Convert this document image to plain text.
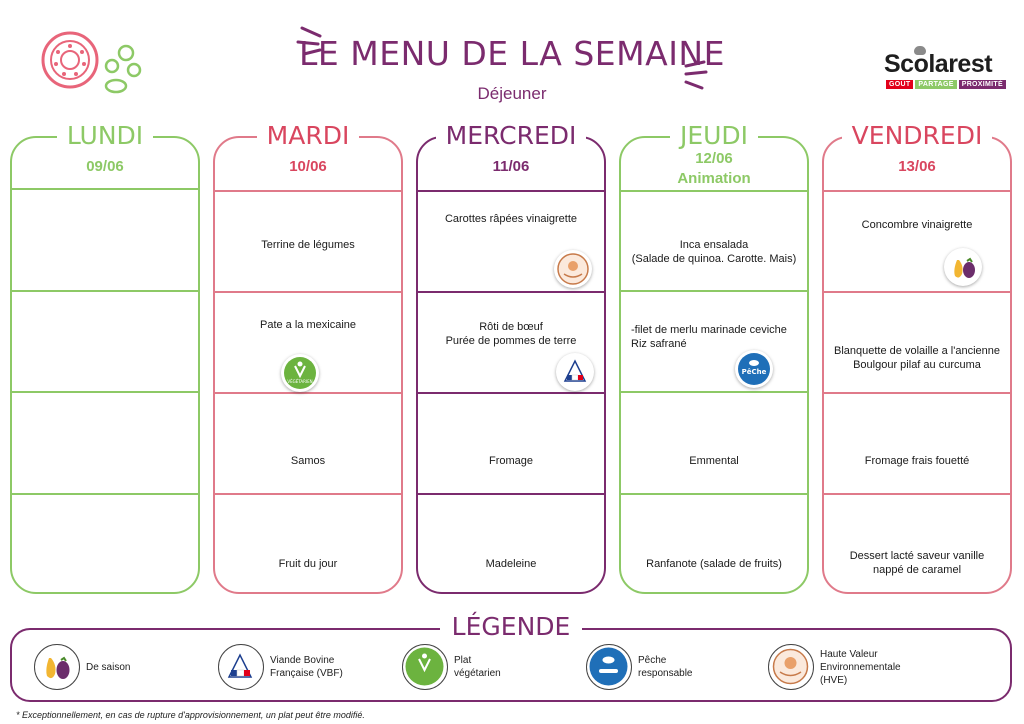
LE MENU DE LA SEMAINE
Déjeuner
Scolarest
GOÛT	PARTAGE	PROXIMITÉ
LUNDI
09/06
MARDI
10/06
Terrine de légumes
Pate a la mexicaine
VÉGÉTARIEN
Samos
Fruit du jour
MERCREDI
11/06
Carottes râpées vinaigrette
Rôti de bœuf
Purée de pommes de terre
Fromage
Madeleine
JEUDI
12/06
Animation
Inca ensalada
(Salade de quinoa. Carotte. Mais)
-filet de merlu marinade ceviche
Riz safrané
PêChe
Emmental
Ranfanote (salade de fruits)
VENDREDI
13/06
Concombre vinaigrette
Blanquette de volaille a l'ancienne
Boulgour pilaf au curcuma
Fromage frais fouetté
Dessert lacté saveur vanille
nappé de caramel
LÉGENDE
De saison
Viande Bovine
Française (VBF)
Plat
végétarien
Pêche
responsable
Haute Valeur
Environnementale
(HVE)
* Exceptionnellement, en cas de rupture d'approvisionnement, un plat peut être modifié.
